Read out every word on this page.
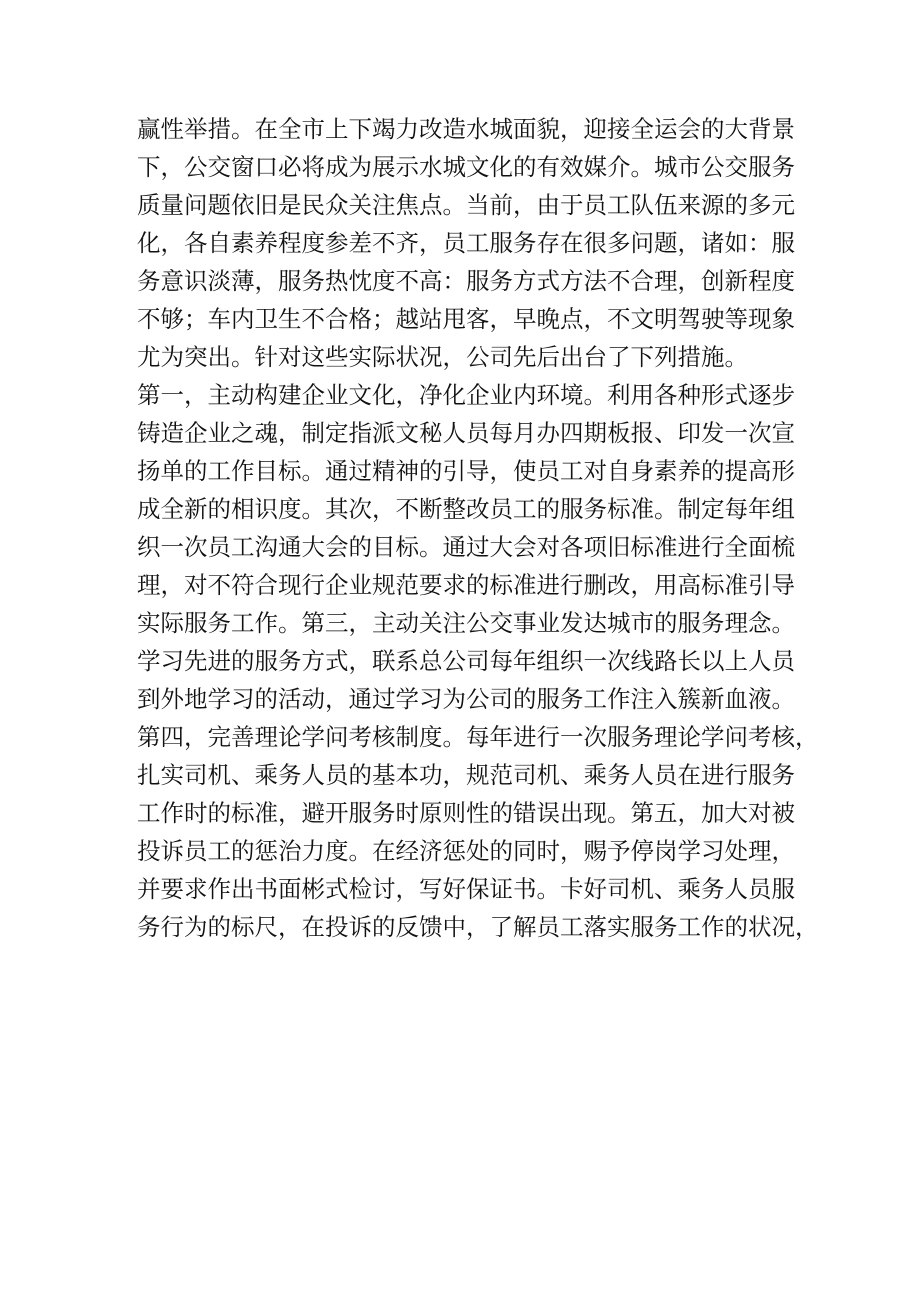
赢性举措。在全市上下竭力改造水城面貌，迎接全运会的大背景
下，公交窗口必将成为展示水城文化的有效媒介。城市公交服务
质量问题依旧是民众关注焦点。当前，由于员工队伍来源的多元
化，各自素养程度参差不齐，员工服务存在很多问题，诸如：服
务意识淡薄，服务热忱度不高：服务方式方法不合理，创新程度
不够；车内卫生不合格；越站甩客，早晚点，不文明驾驶等现象
尤为突出。针对这些实际状况，公司先后出台了下列措施。
第一，主动构建企业文化，净化企业内环境。利用各种形式逐步
铸造企业之魂，制定指派文秘人员每月办四期板报、印发一次宣
扬单的工作目标。通过精神的引导，使员工对自身素养的提高形
成全新的相识度。其次，不断整改员工的服务标准。制定每年组
织一次员工沟通大会的目标。通过大会对各项旧标准进行全面梳
理，对不符合现行企业规范要求的标准进行删改，用高标准引导
实际服务工作。第三，主动关注公交事业发达城市的服务理念。
学习先进的服务方式，联系总公司每年组织一次线路长以上人员
到外地学习的活动，通过学习为公司的服务工作注入簇新血液。
第四，完善理论学问考核制度。每年进行一次服务理论学问考核，
扎实司机、乘务人员的基本功，规范司机、乘务人员在进行服务
工作时的标准，避开服务时原则性的错误出现。第五，加大对被
投诉员工的惩治力度。在经济惩处的同时，赐予停岗学习处理，
并要求作出书面彬式检讨，写好保证书。卡好司机、乘务人员服
务行为的标尺，在投诉的反馈中，了解员工落实服务工作的状况，
